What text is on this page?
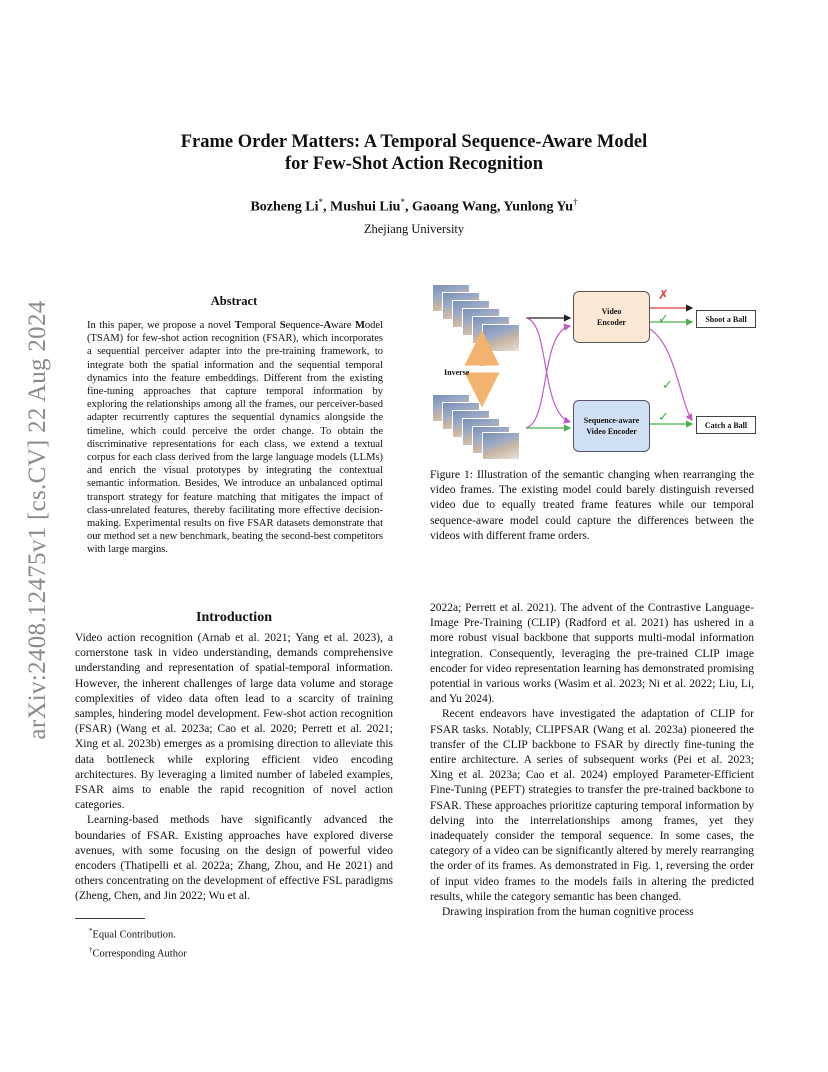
arXiv:2408.12475v1 [cs.CV] 22 Aug 2024
Frame Order Matters: A Temporal Sequence-Aware Model
for Few-Shot Action Recognition
Bozheng Li*, Mushui Liu*, Gaoang Wang, Yunlong Yu†
Zhejiang University
Abstract
In this paper, we propose a novel Temporal Sequence-Aware Model (TSAM) for few-shot action recognition (FSAR), which incorporates a sequential perceiver adapter into the pre-training framework, to integrate both the spatial information and the sequential temporal dynamics into the feature embeddings. Different from the existing fine-tuning approaches that capture temporal information by exploring the relationships among all the frames, our perceiver-based adapter recurrently captures the sequential dynamics alongside the timeline, which could perceive the order change. To obtain the discriminative representations for each class, we extend a textual corpus for each class derived from the large language models (LLMs) and enrich the visual prototypes by integrating the contextual semantic information. Besides, We introduce an unbalanced optimal transport strategy for feature matching that mitigates the impact of class-unrelated features, thereby facilitating more effective decision-making. Experimental results on five FSAR datasets demonstrate that our method set a new benchmark, beating the second-best competitors with large margins.
Introduction

Video action recognition (Arnab et al. 2021; Yang et al. 2023), a cornerstone task in video understanding, demands comprehensive understanding and representation of spatial-temporal information. However, the inherent challenges of large data volume and storage complexities of video data often lead to a scarcity of training samples, hindering model development. Few-shot action recognition (FSAR) (Wang et al. 2023a; Cao et al. 2020; Perrett et al. 2021; Xing et al. 2023b) emerges as a promising direction to alleviate this data bottleneck while exploring efficient video encoding architectures. By leveraging a limited number of labeled examples, FSAR aims to enable the rapid recognition of novel action categories.

Learning-based methods have significantly advanced the boundaries of FSAR. Existing approaches have explored diverse avenues, with some focusing on the design of powerful video encoders (Thatipelli et al. 2022a; Zhang, Zhou, and He 2021) and others concentrating on the development of effective FSL paradigms (Zheng, Chen, and Jin 2022; Wu et al.

*Equal Contribution.
†Corresponding Author
Video
Encoder
Sequence-aware
Video Encoder
Shoot a Ball
Catch a Ball
Inverse
✗
✓
✓
✓
Figure 1: Illustration of the semantic changing when rearranging the video frames. The existing model could barely distinguish reversed video due to equally treated frame features while our temporal sequence-aware model could capture the differences between the videos with different frame orders.

2022a; Perrett et al. 2021). The advent of the Contrastive Language-Image Pre-Training (CLIP) (Radford et al. 2021) has ushered in a more robust visual backbone that supports multi-modal information integration. Consequently, leveraging the pre-trained CLIP image encoder for video representation learning has demonstrated promising potential in various works (Wasim et al. 2023; Ni et al. 2022; Liu, Li, and Yu 2024).

Recent endeavors have investigated the adaptation of CLIP for FSAR tasks. Notably, CLIPFSAR (Wang et al. 2023a) pioneered the transfer of the CLIP backbone to FSAR by directly fine-tuning the entire architecture. A series of subsequent works (Pei et al. 2023; Xing et al. 2023a; Cao et al. 2024) employed Parameter-Efficient Fine-Tuning (PEFT) strategies to transfer the pre-trained backbone to FSAR. These approaches prioritize capturing temporal information by delving into the interrelationships among frames, yet they inadequately consider the temporal sequence. In some cases, the category of a video can be significantly altered by merely rearranging the order of its frames. As demonstrated in Fig. 1, reversing the order of input video frames to the models fails in altering the predicted results, while the category semantic has been changed.

Drawing inspiration from the human cognitive process
